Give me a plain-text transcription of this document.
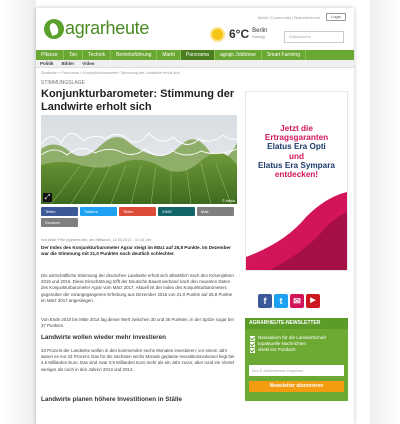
agrarheute
Mobil | Community | Branchenbuch	Login
6°C Berlin
Sonnig	Artikelsuche
Pflanze	Tier	Technik	Betriebsführung	Markt	Panorama	agrajo Jobbörse	Smart Farming
Politik	Bilder	Video
Startseite > Panorama > Konjunkturbarometer: Stimmung der Landwirte erholt sich
STIMMUNGSLAGE
Konjunkturbarometer: Stimmung der Landwirte erholt sich
⤢	© fotolia
Teilen	Twittern	Teilen	XING	Mail
Drucken
von Anke Fritz (agrarheute), am Mittwoch, 12.04.2017 - 11:14 Uhr

Der Index des Konjunkturbarometer Agrar steigt im März auf 25,8 Punkte. Im Dezember war die Stimmung mit 21,0 Punkten noch deutlich schlechter.

Die wirtschaftliche Stimmung der deutschen Landwirte erholt sich allmählich nach den Krisenjahren 2015 und 2016. Diese Einschätzung trifft der Deutsche Bauernverband nach den neuesten Daten des Konjunkturbarometer Agrar vom März 2017. Aktuell ist der Index des Konjunkturbarometers gegenüber der vorangegangenen Erhebung aus Dezember 2016 von 21,0 Punkte auf 25,8 Punkte im März 2017 angestiegen.

Von Ende 2010 bis Mitte 2014 lag dieser Wert zwischen 30 und 35 Punkten, in der Spitze sogar bei 37 Punkten.

Landwirte wollen wieder mehr investieren

33 Prozent der Landwirte wollen in den kommenden sechs Monaten investieren; vor einem Jahr waren es nur 23 Prozent. Das für die nächsten sechs Monate geplante Investitionsvolumen liegt bei 4,6 Milliarden Euro. Das sind zwar 0,9 Milliarden Euro mehr als ein Jahr zuvor, aber rund ein Viertel weniger als noch in den Jahren 2013 und 2014.

Landwirte planen höhere Investitionen in Ställe
Jetzt die
Ertragsgaranten
Elatus Era Opti
und
Elatus Era Sympara
entdecken!
f	t	✉	▶
AGRARHEUTE-NEWSLETTER
Newsalarm für die Landwirtschaft
topaktuelle Nachrichten
direkt ins Postfach
Ihre E-Mailadresse eingeben
Newsletter abonnieren
